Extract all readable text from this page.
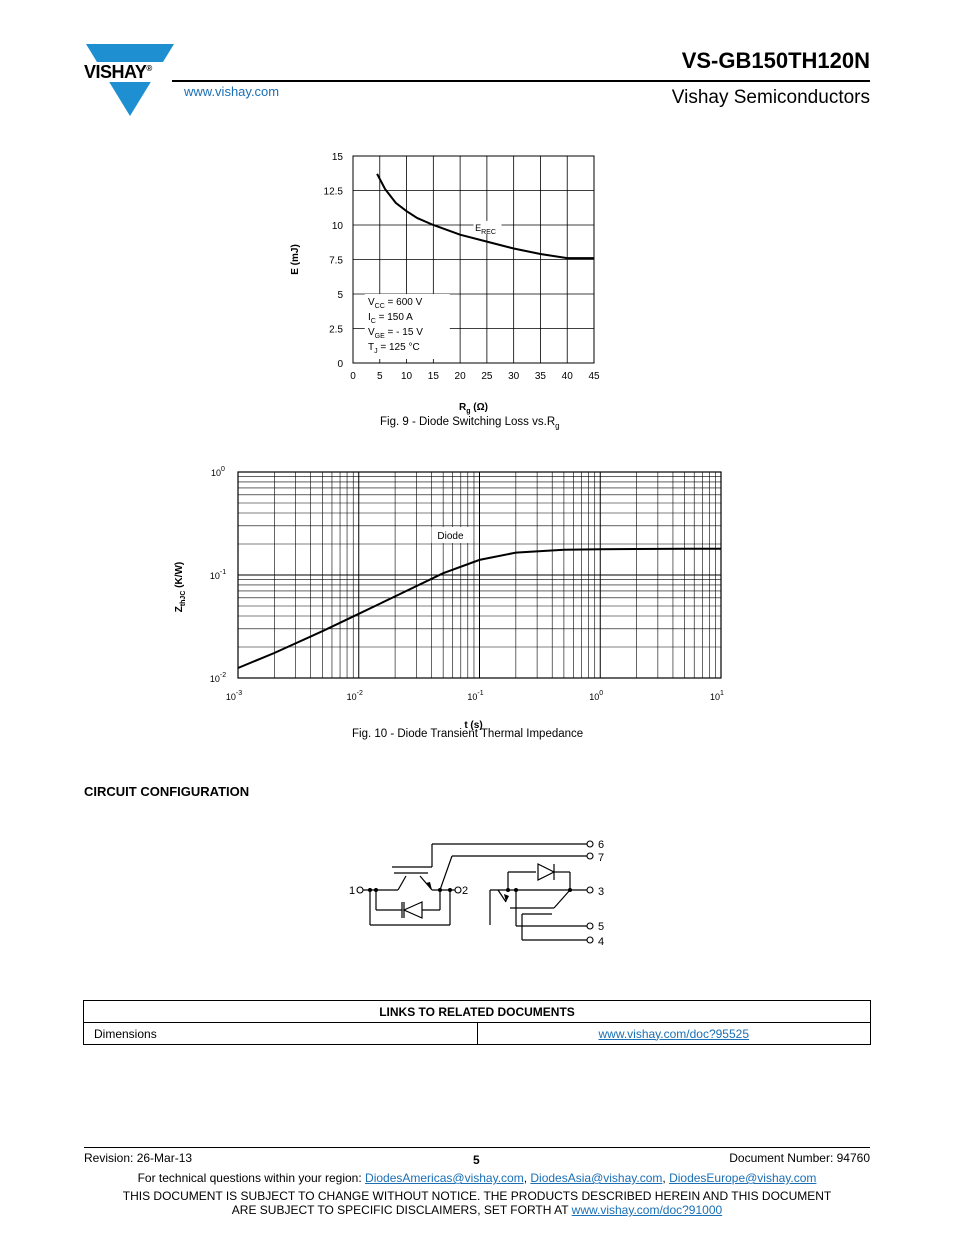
VISHAY®
www.vishay.com
VS-GB150TH120N
Vishay Semiconductors
0 5 10 15 20 25 30 35 40 45
0
2.5
5
7.5
10
12.5
15
$E_{REC}$
$V_{CC} = 600$ V
$I_C = 150$ A
$V_{GE}$ = - 15 V
$T_J = 125$ °C
E (mJ)
$R_g$ (Ω)
Fig. 9 - Diode Switching Loss $vs.R_g$
$10^{-3}$	$10^{-2}$	$10^{-1}$	$10^0$	$10^1$
$10^{-2}$
$10^{-1}$
$10^0$
Diode
$Z_{thJC}$ (K/W)
t (s)
Fig. 10 - Diode Transient Thermal Impedance
CIRCUIT CONFIGURATION
1	2
6
7
3
5
4
LINKS TO RELATED DOCUMENTS
Dimensions	www.vishay.com/doc?95525
Revision: 26-Mar-13	5	Document Number: 94760
For technical questions within your region: DiodesAmericas@vishay.com, DiodesAsia@vishay.com, DiodesEurope@vishay.com
THIS DOCUMENT IS SUBJECT TO CHANGE WITHOUT NOTICE. THE PRODUCTS DESCRIBED HEREIN AND THIS DOCUMENT
ARE SUBJECT TO SPECIFIC DISCLAIMERS, SET FORTH AT www.vishay.com/doc?91000
